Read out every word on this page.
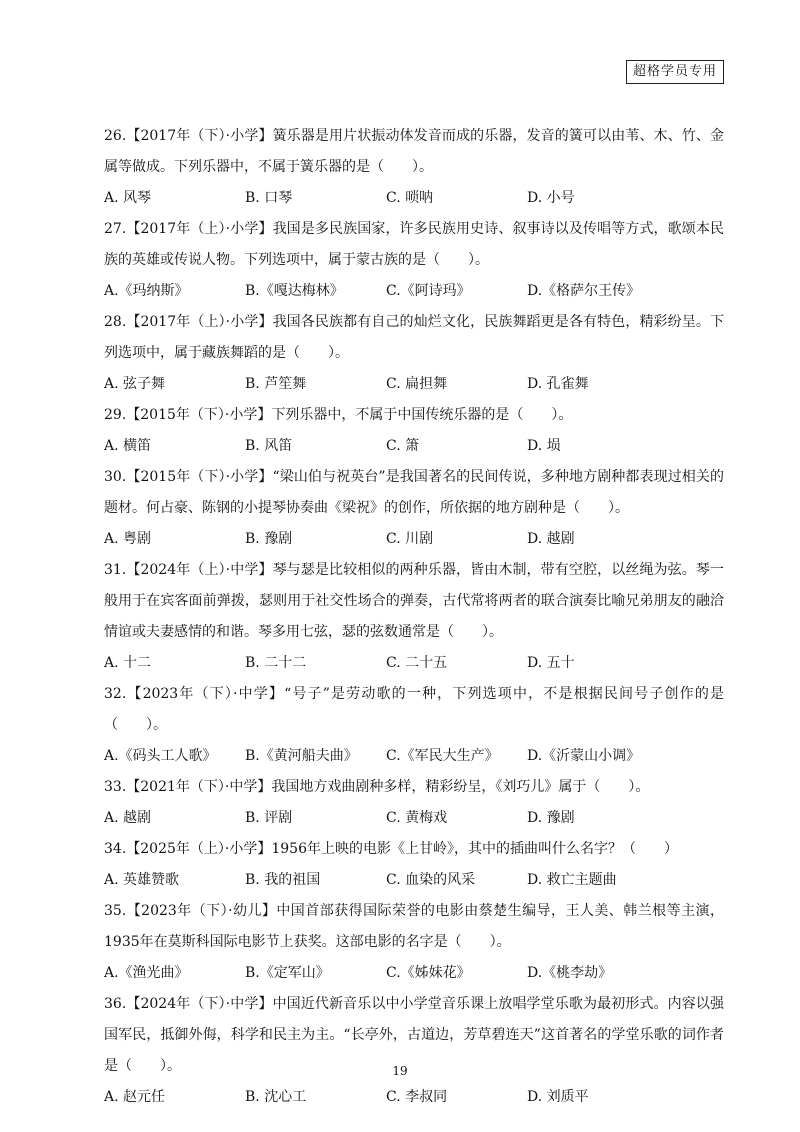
超格学员专用

26.【2017年（下）·小学】簧乐器是用片状振动体发音而成的乐器，发音的簧可以由苇、木、竹、金属等做成。下列乐器中，不属于簧乐器的是（　　）。

A. 风琴	B. 口琴	C. 唢呐	D. 小号

27.【2017年（上）·小学】我国是多民族国家，许多民族用史诗、叙事诗以及传唱等方式，歌颂本民族的英雄或传说人物。下列选项中，属于蒙古族的是（　　）。

A.《玛纳斯》	B.《嘎达梅林》	C.《阿诗玛》	D.《格萨尔王传》

28.【2017年（上）·小学】我国各民族都有自己的灿烂文化，民族舞蹈更是各有特色，精彩纷呈。下列选项中，属于藏族舞蹈的是（　　）。

A. 弦子舞	B. 芦笙舞	C. 扁担舞	D. 孔雀舞

29.【2015年（下）·小学】下列乐器中，不属于中国传统乐器的是（　　）。

A. 横笛	B. 风笛	C. 箫	D. 埙

30.【2015年（下）·小学】“梁山伯与祝英台”是我国著名的民间传说，多种地方剧种都表现过相关的题材。何占豪、陈钢的小提琴协奏曲《梁祝》的创作，所依据的地方剧种是（　　）。

A. 粤剧	B. 豫剧	C. 川剧	D. 越剧

31.【2024年（上）·中学】琴与瑟是比较相似的两种乐器，皆由木制，带有空腔，以丝绳为弦。琴一般用于在宾客面前弹拨，瑟则用于社交性场合的弹奏，古代常将两者的联合演奏比喻兄弟朋友的融洽情谊或夫妻感情的和谐。琴多用七弦，瑟的弦数通常是（　　）。

A. 十二	B. 二十二	C. 二十五	D. 五十

32.【2023年（下）·中学】“号子”是劳动歌的一种，下列选项中，不是根据民间号子创作的是（　　）。

A.《码头工人歌》	B.《黄河船夫曲》	C.《军民大生产》	D.《沂蒙山小调》

33.【2021年（下）·中学】我国地方戏曲剧种多样，精彩纷呈，《刘巧儿》属于（　　）。

A. 越剧	B. 评剧	C. 黄梅戏	D. 豫剧

34.【2025年（上）·小学】1956年上映的电影《上甘岭》，其中的插曲叫什么名字？（　　）

A. 英雄赞歌	B. 我的祖国	C. 血染的风采	D. 救亡主题曲

35.【2023年（下）·幼儿】中国首部获得国际荣誉的电影由蔡楚生编导，王人美、韩兰根等主演，1935年在莫斯科国际电影节上获奖。这部电影的名字是（　　）。

A.《渔光曲》	B.《定军山》	C.《姊妹花》	D.《桃李劫》

36.【2024年（下）·中学】中国近代新音乐以中小学堂音乐课上放唱学堂乐歌为最初形式。内容以强国军民，抵御外侮，科学和民主为主。“长亭外，古道边，芳草碧连天”这首著名的学堂乐歌的词作者是（　　）。

A. 赵元任	B. 沈心工	C. 李叔同	D. 刘质平
19
